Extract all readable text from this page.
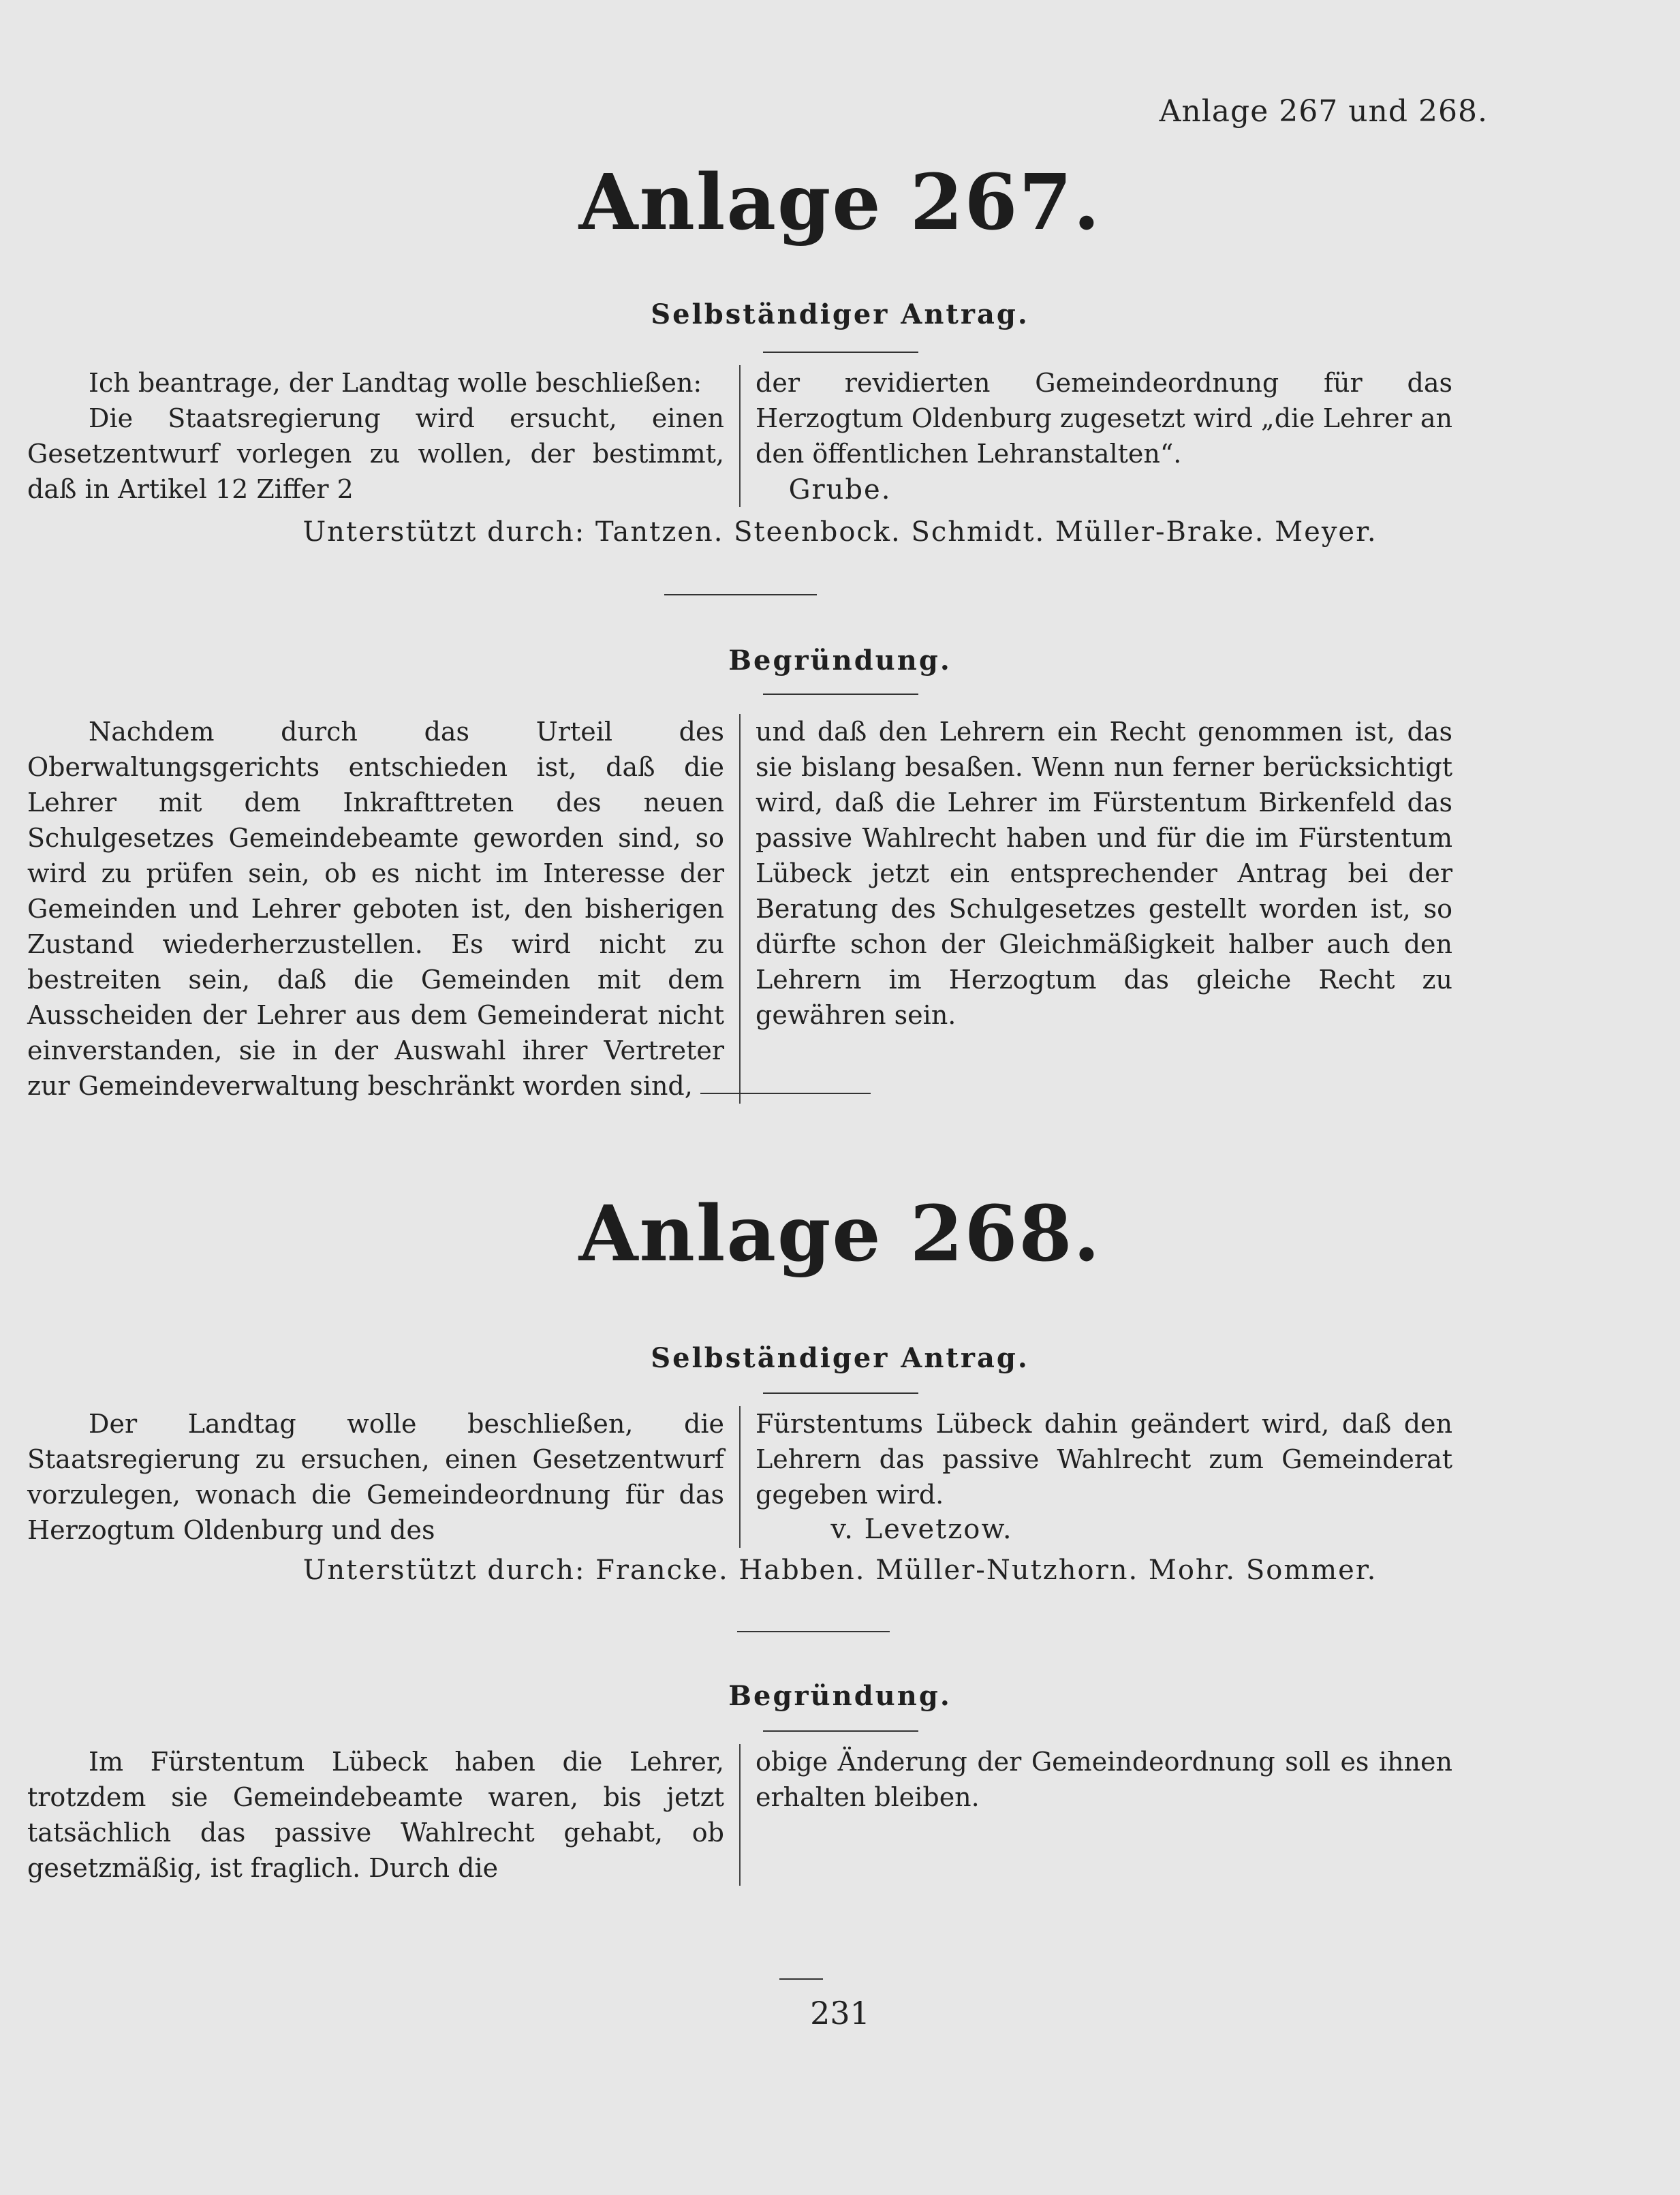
Anlage 267 und 268.
Anlage 267.
Selbständiger Antrag.
Ich beantrage, der Landtag wolle beschließen:
Die Staatsregierung wird ersucht, einen Gesetzentwurf vorlegen zu wollen, der bestimmt, daß in Artikel 12 Ziffer 2
der revidierten Gemeindeordnung für das Herzogtum Oldenburg zugesetzt wird „die Lehrer an den öffentlichen Lehranstalten“.
Grube.
Unterstützt durch: Tantzen. Steenbock. Schmidt. Müller-Brake. Meyer.
Begründung.
Nachdem durch das Urteil des Oberwaltungsgerichts entschieden ist, daß die Lehrer mit dem Inkrafttreten des neuen Schulgesetzes Gemeindebeamte geworden sind, so wird zu prüfen sein, ob es nicht im Interesse der Gemeinden und Lehrer geboten ist, den bisherigen Zustand wiederherzustellen. Es wird nicht zu bestreiten sein, daß die Gemeinden mit dem Ausscheiden der Lehrer aus dem Gemeinderat nicht einverstanden, sie in der Auswahl ihrer Vertreter zur Gemeindeverwaltung beschränkt worden sind,
und daß den Lehrern ein Recht genommen ist, das sie bislang besaßen. Wenn nun ferner berücksichtigt wird, daß die Lehrer im Fürstentum Birkenfeld das passive Wahlrecht haben und für die im Fürstentum Lübeck jetzt ein entsprechender Antrag bei der Beratung des Schulgesetzes gestellt worden ist, so dürfte schon der Gleichmäßigkeit halber auch den Lehrern im Herzogtum das gleiche Recht zu gewähren sein.
Anlage 268.
Selbständiger Antrag.
Der Landtag wolle beschließen, die Staatsregierung zu ersuchen, einen Gesetzentwurf vorzulegen, wonach die Gemeindeordnung für das Herzogtum Oldenburg und des
Fürstentums Lübeck dahin geändert wird, daß den Lehrern das passive Wahlrecht zum Gemeinderat gegeben wird.
v. Levetzow.
Unterstützt durch: Francke. Habben. Müller-Nutzhorn. Mohr. Sommer.
Begründung.
Im Fürstentum Lübeck haben die Lehrer, trotzdem sie Gemeindebeamte waren, bis jetzt tatsächlich das passive Wahlrecht gehabt, ob gesetzmäßig, ist fraglich. Durch die
obige Änderung der Gemeindeordnung soll es ihnen erhalten bleiben.
231
